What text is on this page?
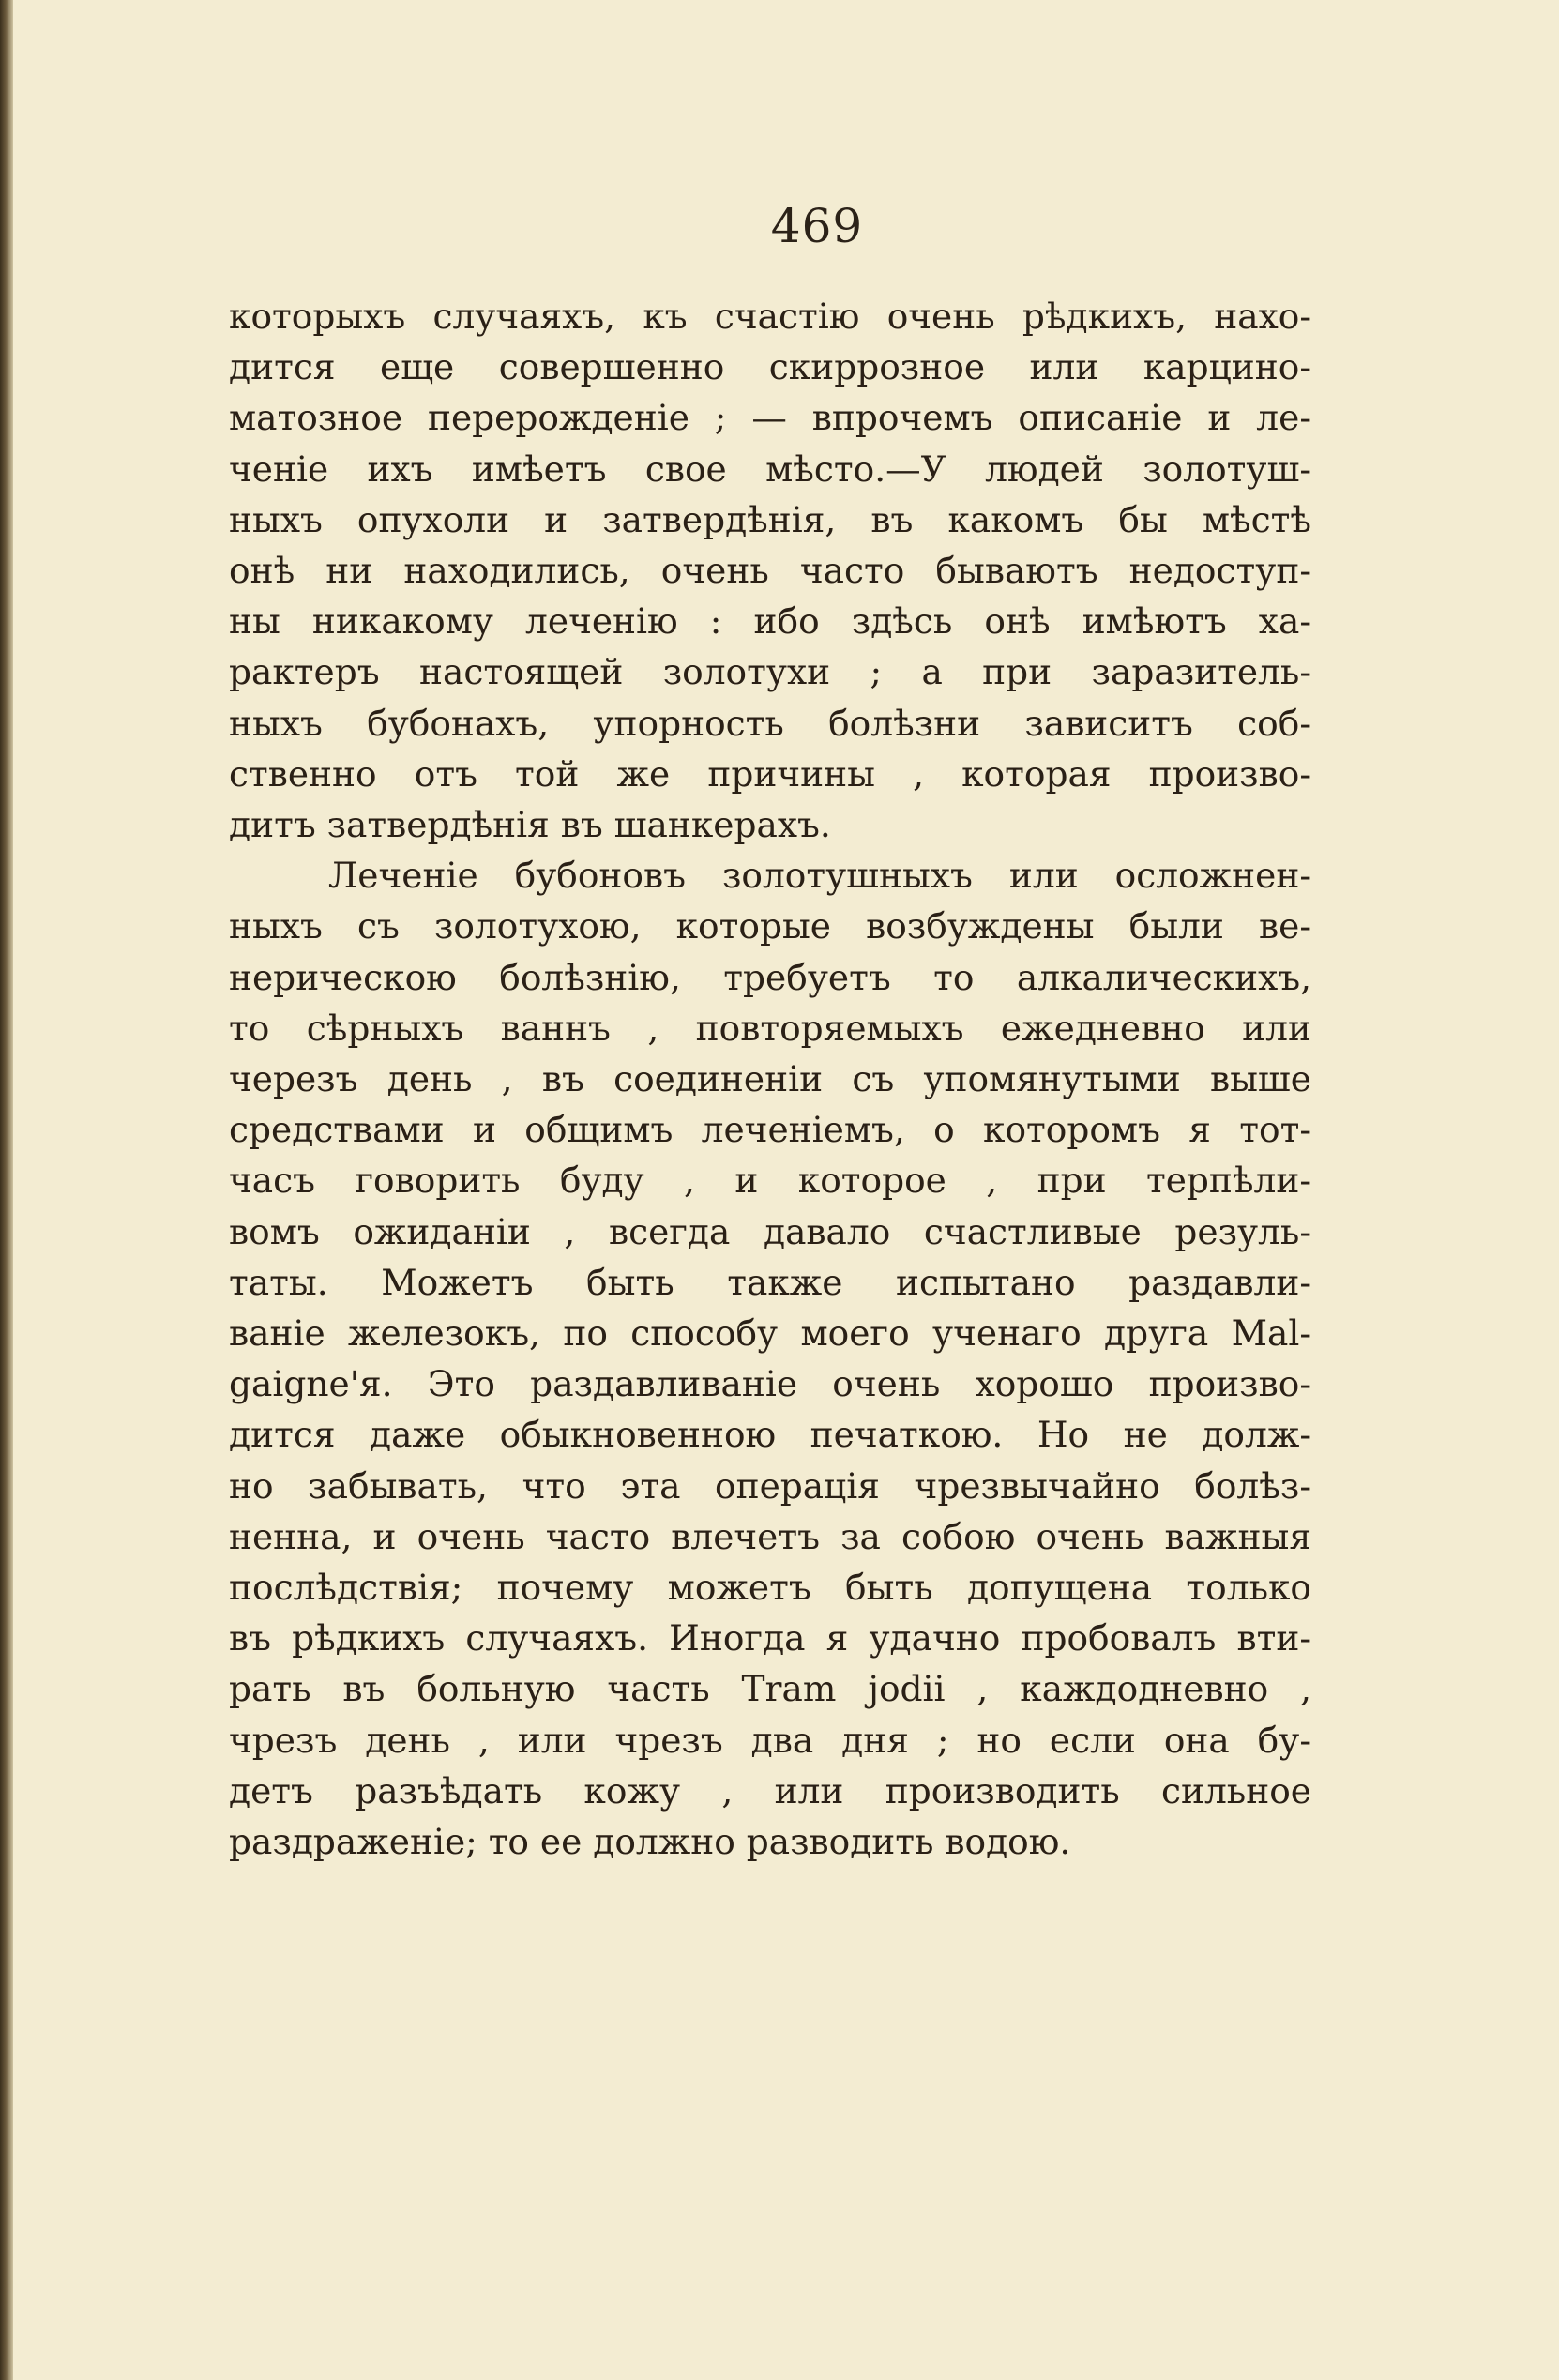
469
которыхъ случаяхъ, къ счастію очень рѣдкихъ, нахо-
дится еще совершенно скиррозное или карцино-
матозное перерожденіе ; — впрочемъ описаніе и ле-
ченіе ихъ имѣетъ свое мѣсто.—У людей золотуш-
ныхъ опухоли и затвердѣнія, въ какомъ бы мѣстѣ
онѣ ни находились, очень часто бываютъ недоступ-
ны никакому леченію : ибо здѣсь онѣ имѣютъ ха-
рактеръ настоящей золотухи ; а при заразитель-
ныхъ бубонахъ, упорность болѣзни зависитъ соб-
ственно отъ той же причины , которая произво-
дитъ затвердѣнія въ шанкерахъ.
Леченіе бубоновъ золотушныхъ или осложнен-
ныхъ съ золотухою, которые возбуждены были ве-
нерическою болѣзнію, требуетъ то алкалическихъ,
то сѣрныхъ ваннъ , повторяемыхъ ежедневно или
черезъ день , въ соединеніи съ упомянутыми выше
средствами и общимъ леченіемъ, о которомъ я тот-
часъ говорить буду , и которое , при терпѣли-
вомъ ожиданіи , всегда давало счастливые резуль-
таты. Можетъ быть также испытано раздавли-
ваніе железокъ, по способу моего ученаго друга Mal-
gaigne'я. Это раздавливаніе очень хорошо произво-
дится даже обыкновенною печаткою. Но не долж-
но забывать, что эта операція чрезвычайно болѣз-
ненна, и очень часто влечетъ за собою очень важныя
послѣдствія; почему можетъ быть допущена только
въ рѣдкихъ случаяхъ. Иногда я удачно пробовалъ вти-
рать въ больную часть Tram jodii , каждодневно ,
чрезъ день , или чрезъ два дня ; но если она бу-
детъ разъѣдать кожу , или производить сильное
раздраженіе; то ее должно разводить водою.
